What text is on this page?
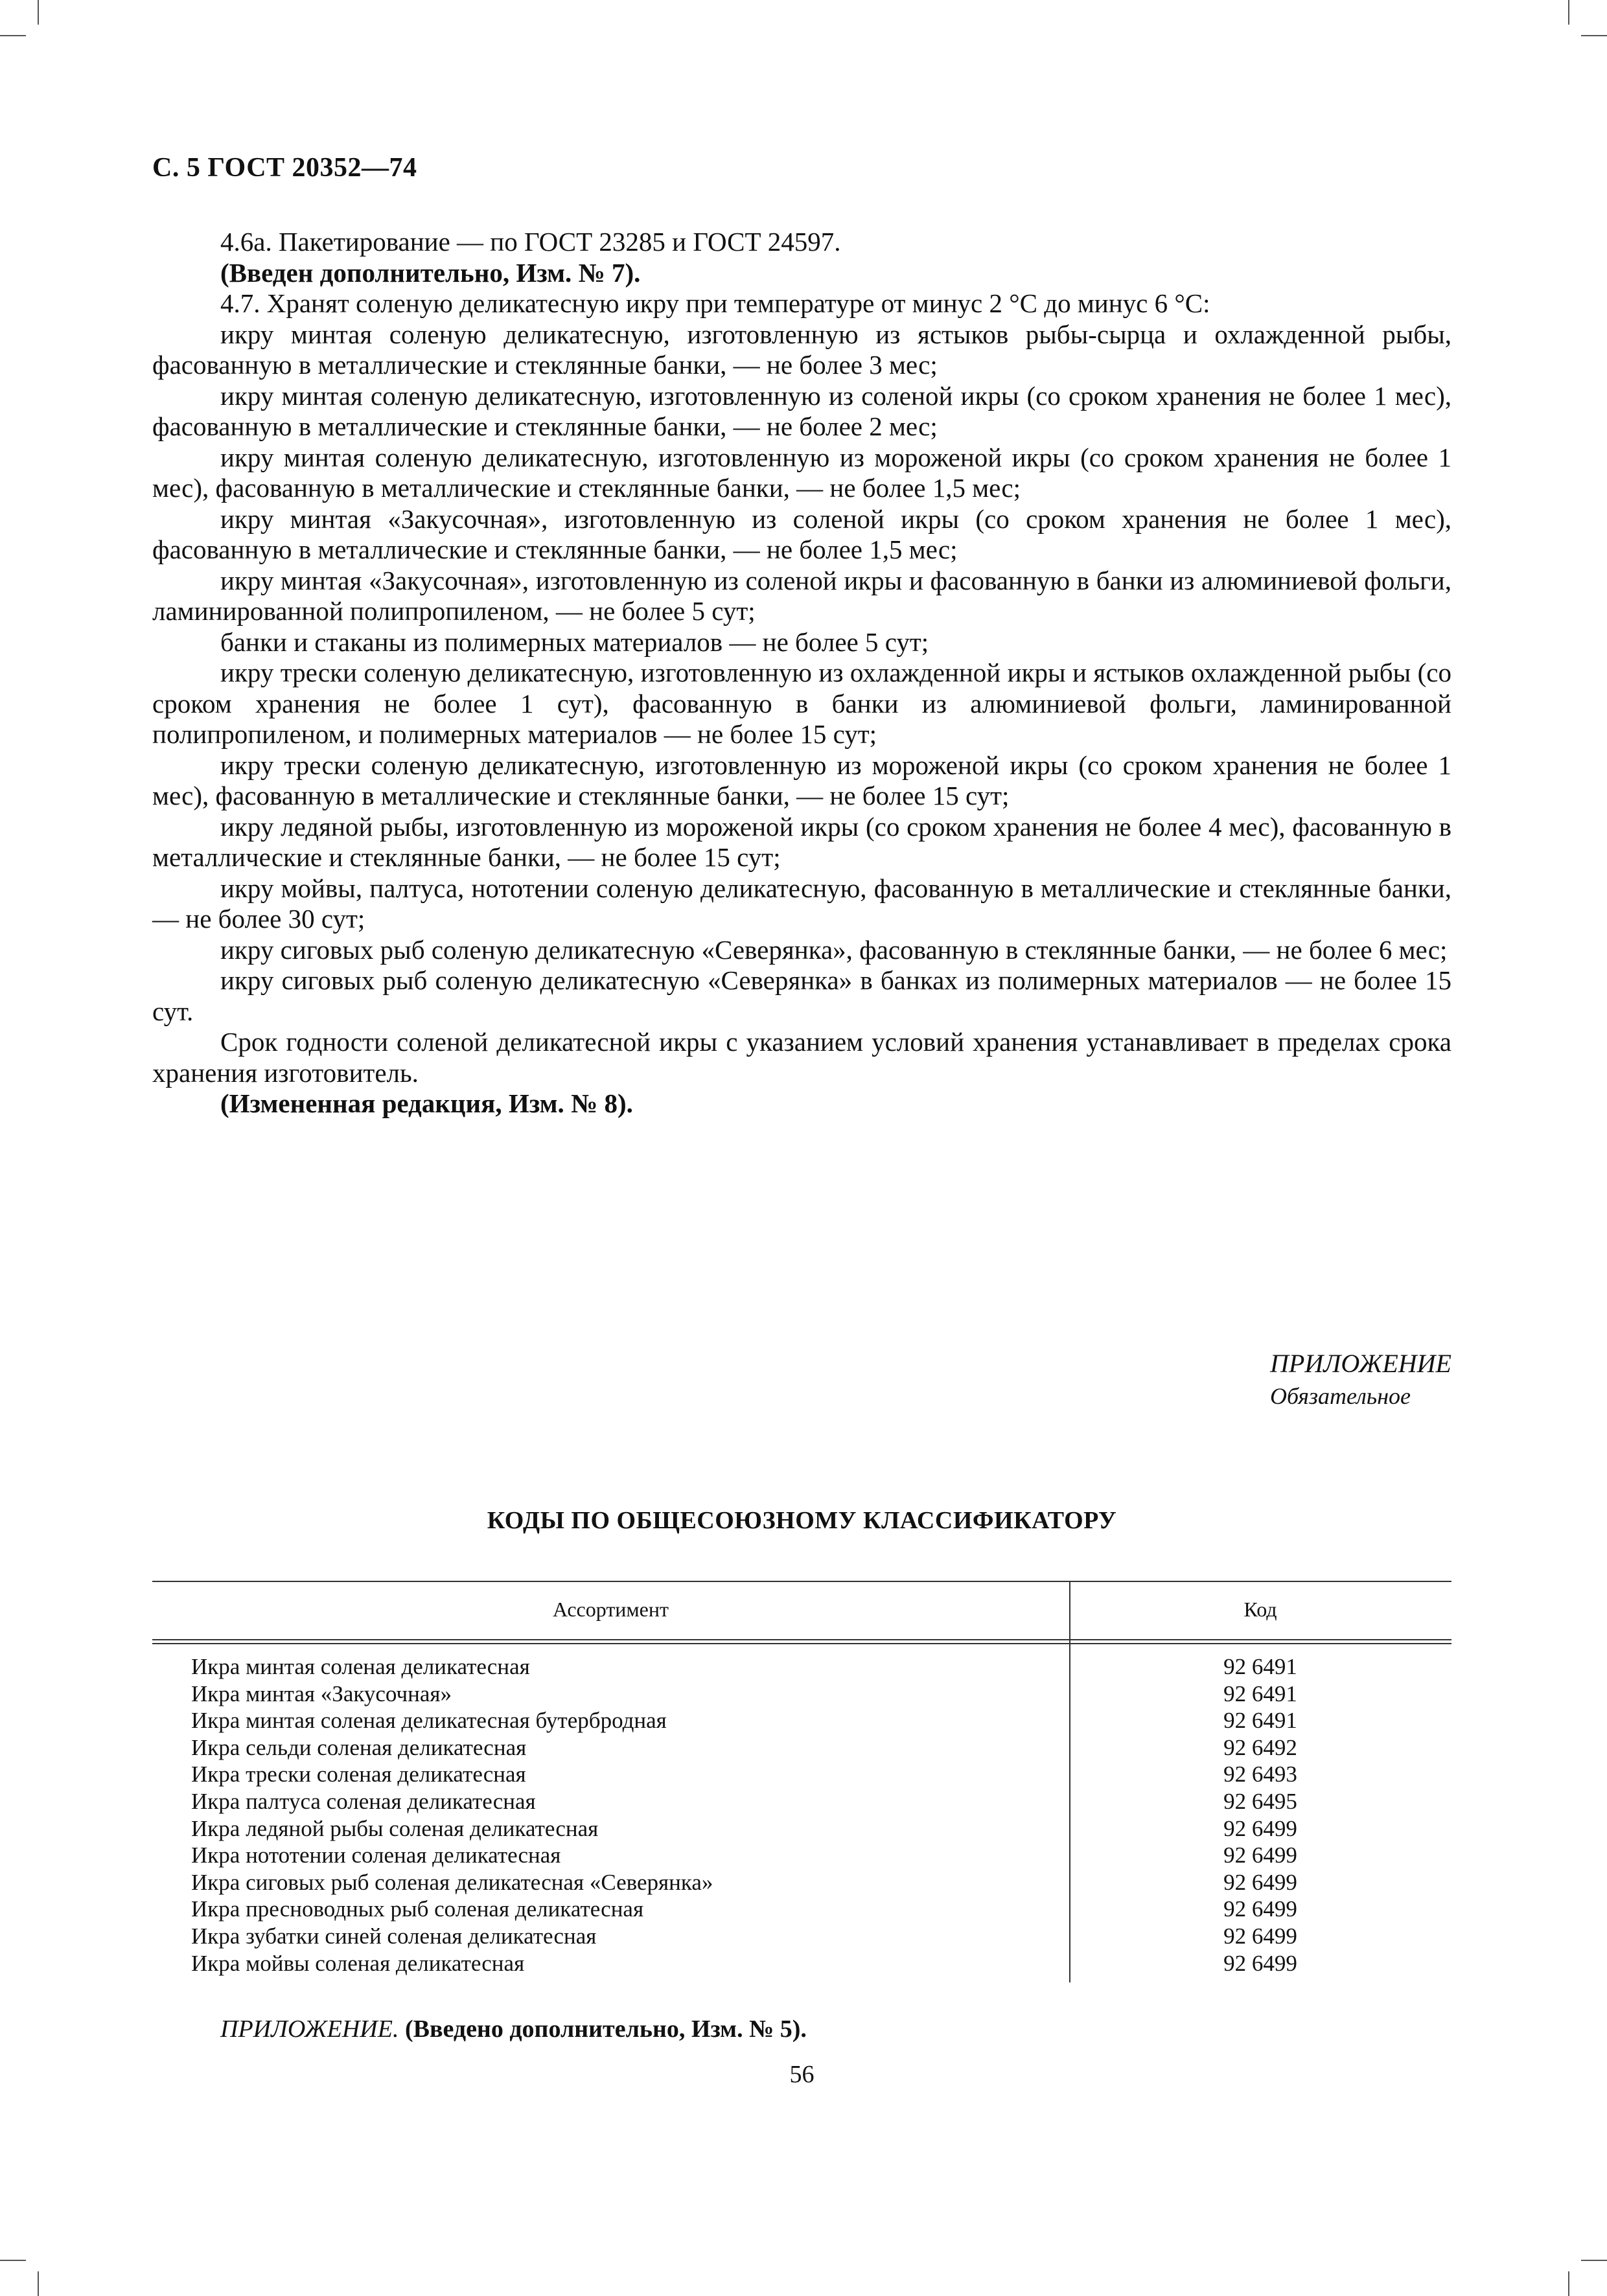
С. 5 ГОСТ 20352—74

4.6а. Пакетирование — по ГОСТ 23285 и ГОСТ 24597.

(Введен дополнительно, Изм. № 7).

4.7. Хранят соленую деликатесную икру при температуре от минус 2 °С до минус 6 °С:

икру минтая соленую деликатесную, изготовленную из ястыков рыбы-сырца и охлажденной рыбы, фасованную в металлические и стеклянные банки, — не более 3 мес;

икру минтая соленую деликатесную, изготовленную из соленой икры (со сроком хранения не более 1 мес), фасованную в металлические и стеклянные банки, — не более 2 мес;

икру минтая соленую деликатесную, изготовленную из мороженой икры (со сроком хранения не более 1 мес), фасованную в металлические и стеклянные банки, — не более 1,5 мес;

икру минтая «Закусочная», изготовленную из соленой икры (со сроком хранения не более 1 мес), фасованную в металлические и стеклянные банки, — не более 1,5 мес;

икру минтая «Закусочная», изготовленную из соленой икры и фасованную в банки из алюминиевой фольги, ламинированной полипропиленом, — не более 5 сут;

банки и стаканы из полимерных материалов — не более 5 сут;

икру трески соленую деликатесную, изготовленную из охлажденной икры и ястыков охлажденной рыбы (со сроком хранения не более 1 сут), фасованную в банки из алюминиевой фольги, ламинированной полипропиленом, и полимерных материалов — не более 15 сут;

икру трески соленую деликатесную, изготовленную из мороженой икры (со сроком хранения не более 1 мес), фасованную в металлические и стеклянные банки, — не более 15 сут;

икру ледяной рыбы, изготовленную из мороженой икры (со сроком хранения не более 4 мес), фасованную в металлические и стеклянные банки, — не более 15 сут;

икру мойвы, палтуса, нототении соленую деликатесную, фасованную в металлические и стеклянные банки, — не более 30 сут;

икру сиговых рыб соленую деликатесную «Северянка», фасованную в стеклянные банки, — не более 6 мес;

икру сиговых рыб соленую деликатесную «Северянка» в банках из полимерных материалов — не более 15 сут.

Срок годности соленой деликатесной икры с указанием условий хранения устанавливает в пределах срока хранения изготовитель.

(Измененная редакция, Изм. № 8).

ПРИЛОЖЕНИЕ
Обязательное
КОДЫ ПО ОБЩЕСОЮЗНОМУ КЛАССИФИКАТОРУ
Ассортимент	Код
Икра минтая соленая деликатесная	92 6491
Икра минтая «Закусочная»	92 6491
Икра минтая соленая деликатесная бутербродная	92 6491
Икра сельди соленая деликатесная	92 6492
Икра трески соленая деликатесная	92 6493
Икра палтуса соленая деликатесная	92 6495
Икра ледяной рыбы соленая деликатесная	92 6499
Икра нототении соленая деликатесная	92 6499
Икра сиговых рыб соленая деликатесная «Северянка»	92 6499
Икра пресноводных рыб соленая деликатесная	92 6499
Икра зубатки синей соленая деликатесная	92 6499
Икра мойвы соленая деликатесная	92 6499
ПРИЛОЖЕНИЕ. (Введено дополнительно, Изм. № 5).
56
